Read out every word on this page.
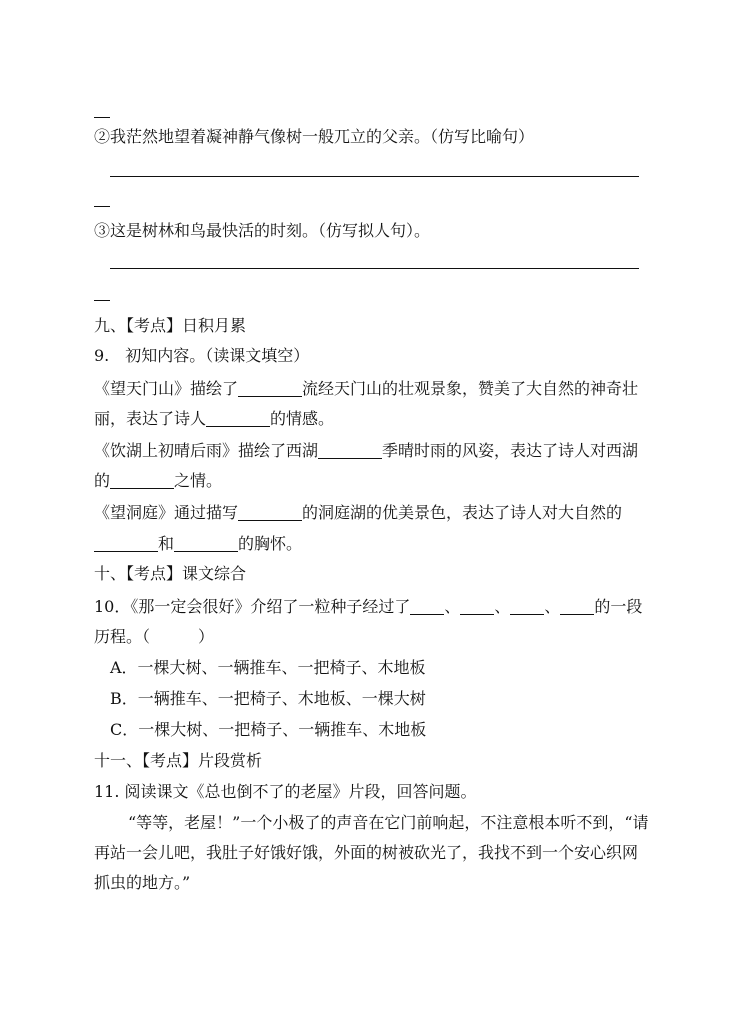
②我茫然地望着凝神静气像树一般兀立的父亲。（仿写比喻句）
③这是树林和鸟最快活的时刻。（仿写拟人句）。
九、【考点】日积月累
9.　初知内容。（读课文填空）
《望天门山》描绘了	流经天门山的壮观景象，赞美了大自然的神奇壮
丽，表达了诗人	的情感。
《饮湖上初晴后雨》描绘了西湖	季晴时雨的风姿，表达了诗人对西湖
的	之情。
《望洞庭》通过描写	的洞庭湖的优美景色，表达了诗人对大自然的
和	的胸怀。
十、【考点】课文综合
10．《那一定会很好》介绍了一粒种子经过了 、 、 、 的一段
历程。（　　　）
A．一棵大树、一辆推车、一把椅子、木地板
B．一辆推车、一把椅子、木地板、一棵大树
C．一棵大树、一把椅子、一辆推车、木地板
十一、【考点】片段赏析
11. 阅读课文《总也倒不了的老屋》片段，回答问题。
“等等，老屋！”一个小极了的声音在它门前响起，不注意根本听不到，“请
再站一会儿吧，我肚子好饿好饿，外面的树被砍光了，我找不到一个安心织网
抓虫的地方。”
